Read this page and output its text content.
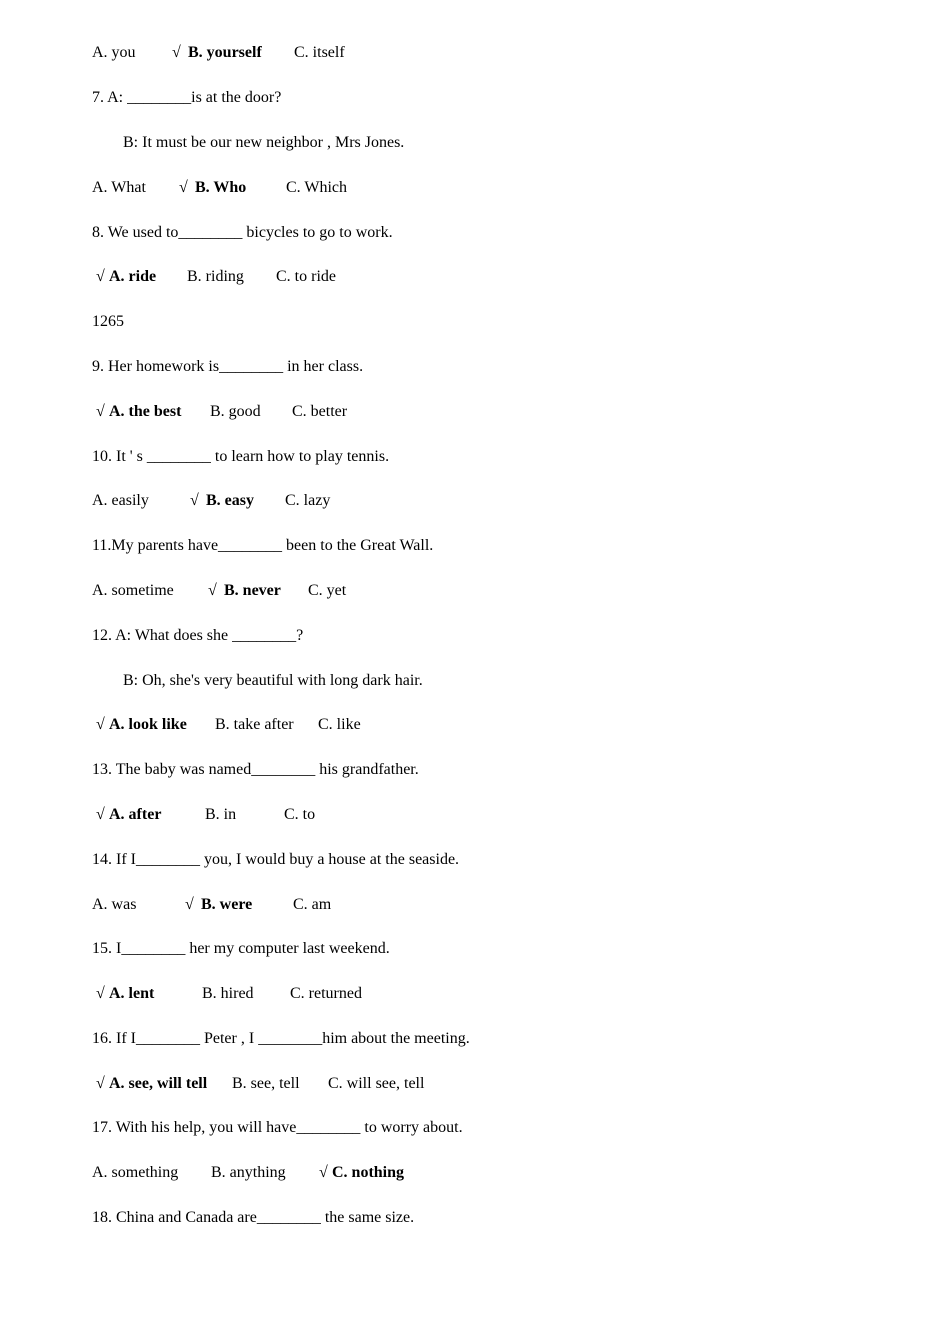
A. you √ B. yourself C. itself
7. A: ________is at the door?
B: It must be our new neighbor , Mrs Jones.
A. What √ B. Who C. Which
8. We used to________ bicycles to go to work.
√ A. ride B. riding C. to ride
1265
9. Her homework is________ in her class.
√ A. the best B. good C. better
10. It ' s ________ to learn how to play tennis.
A. easily	√ B. easy C. lazy
11.My parents have________ been to the Great Wall.
A. sometime √ B. never C. yet
12. A: What does she ________?
B: Oh, she's very beautiful with long dark hair.
√ A. look like B. take after C. like
13. The baby was named________ his grandfather.
√ A. after	B. in	C. to
14. If I________ you, I would buy a house at the seaside.
A. was	√ B. were	C. am
15. I________ her my computer last weekend.
√ A. lent	B. hired C. returned
16. If I________ Peter , I ________him about the meeting.
√ A. see, will tell B. see, tell C. will see, tell
17. With his help, you will have________ to worry about.
A. something B. anything √ C. nothing
18. China and Canada are________ the same size.
